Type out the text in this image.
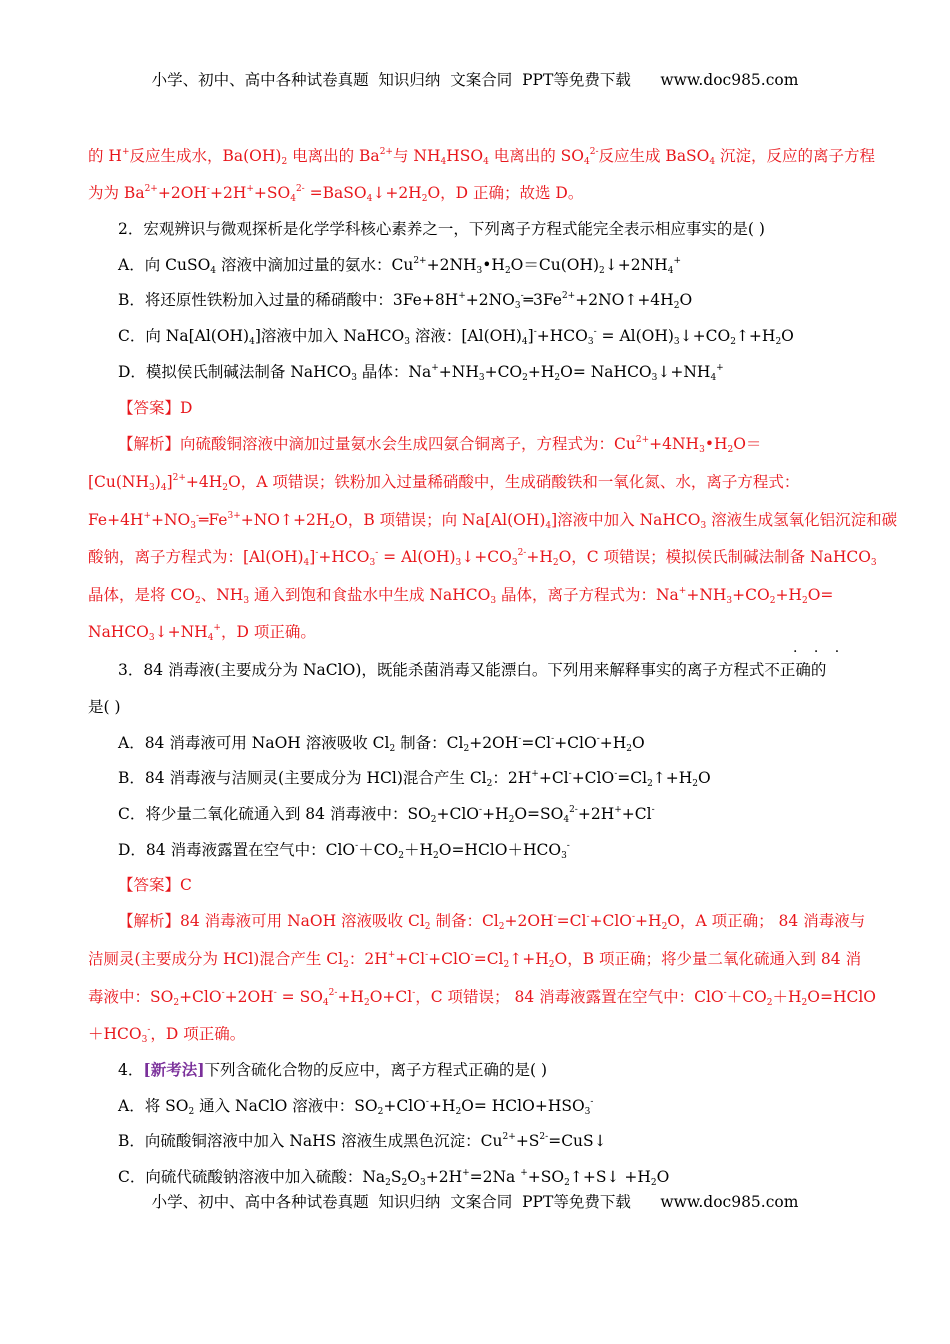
小学、初中、高中各种试卷真题  知识归纳  文案合同  PPT等免费下载      www.doc985.com
的 H+反应生成水，$Ba(OH)_2$ 电离出的 $Ba^{2+}$与 $NH_4HSO_4$ 电离出的 $SO_4^{2-}$反应生成 BaSO$_4$ 沉淀，反应的离子方程
为为 $Ba^{2+}+2OH^-+2H^++SO_4^{2-}$ $=BaSO_4↓+2H_2O$，D 正确；故选 D。
2．宏观辨识与微观探析是化学学科核心素养之一，下列离子方程式能完全表示相应事实的是( )
A．向 CuSO$_4$ 溶液中滴加过量的氨水：$Cu^{2+}+2NH_3•H_2O=Cu(OH)_2↓+2NH_4^+$
B．将还原性铁粉加入过量的稀硝酸中：$3Fe+8H^++2NO_3^-═3Fe^{2+}+2NO↑+4H_2O$
C．向 $Na[Al(OH)_4]$溶液中加入 NaHCO$_3$ 溶液：$[Al(OH)_4]^-+HCO_3^-$ = $Al(OH)_3↓+CO_2↑+H_2O$
D．模拟侯氏制碱法制备 NaHCO$_3$ 晶体：$Na^++NH_3+CO_2+H_2O=$ $NaHCO_3↓+NH_4^+$
【答案】D
【解析】向硫酸铜溶液中滴加过量氨水会生成四氨合铜离子，方程式为：$Cu^{2+}+4NH_3•H_2O=$
$[Cu(NH_3)_4]^{2+}+4H_2O$，A 项错误；铁粉加入过量稀硝酸中，生成硝酸铁和一氧化氮、水，离子方程式：
$Fe+4H^++NO_3^-═Fe^{3+}+NO↑+2H_2O$，B 项错误；向 $Na[Al(OH)_4]$溶液中加入 NaHCO$_3$ 溶液生成氢氧化铝沉淀和碳
酸钠，离子方程式为：$[Al(OH)_4]^-+HCO_3^-$ = $Al(OH)_3↓+CO_3^{2-}+H_2O$，C 项错误；模拟侯氏制碱法制备 NaHCO$_3$
晶体，是将 $CO_2$、$NH_3$ 通入到饱和食盐水中生成 NaHCO$_3$ 晶体，离子方程式为：$Na^++NH_3+CO_2+H_2O=$
$NaHCO_3↓+NH_4^+$，D 项正确。
· · ·
3．84 消毒液(主要成分为 NaClO)，既能杀菌消毒又能漂白。下列用来解释事实的离子方程式不正确的
是( )
A．84 消毒液可用 NaOH 溶液吸收 $Cl_2$ 制备：$Cl_2+2OH^-=Cl^-+ClO^-+H_2O$
B．84 消毒液与洁厕灵(主要成分为 HCl)混合产生 $Cl_2$：$2H^++Cl^-+ClO^-=Cl_2↑+H_2O$
C．将少量二氧化硫通入到 84 消毒液中：$SO_2+ClO^-+H_2O=SO_4^{2-}+2H^++Cl^-$
D．84 消毒液露置在空气中：$ClO^-+CO_2+H_2O=HClO+HCO_3^-$
【答案】C
【解析】84 消毒液可用 NaOH 溶液吸收 $Cl_2$ 制备：$Cl_2+2OH^-=Cl^-+ClO^-+H_2O$，A 项正确； 84 消毒液与
洁厕灵(主要成分为 HCl)混合产生 $Cl_2$：$2H^++Cl^-+ClO^-=Cl_2↑+H_2O$，B 项正确；将少量二氧化硫通入到 84 消
毒液中：$SO_2+ClO^-+2OH^- = SO_4^{2-}+H_2O+Cl^-$，C 项错误； 84 消毒液露置在空气中：$ClO^-+CO_2+H_2O=HClO$
$+HCO_3^-$，D 项正确。
4．[新考法]下列含硫化合物的反应中，离子方程式正确的是( )
A．将 $SO_2$ 通入 NaClO 溶液中：$SO_2+ClO^-+H_2O=$ $HClO+HSO_3^-$
B．向硫酸铜溶液中加入 NaHS 溶液生成黑色沉淀：$Cu^{2+}+S^{2-}=CuS↓$
C．向硫代硫酸钠溶液中加入硫酸：$Na_2S_2O_3+2H^+=2Na$ $^++SO_2↑+S↓ +H_2O$
小学、初中、高中各种试卷真题  知识归纳  文案合同  PPT等免费下载      www.doc985.com
